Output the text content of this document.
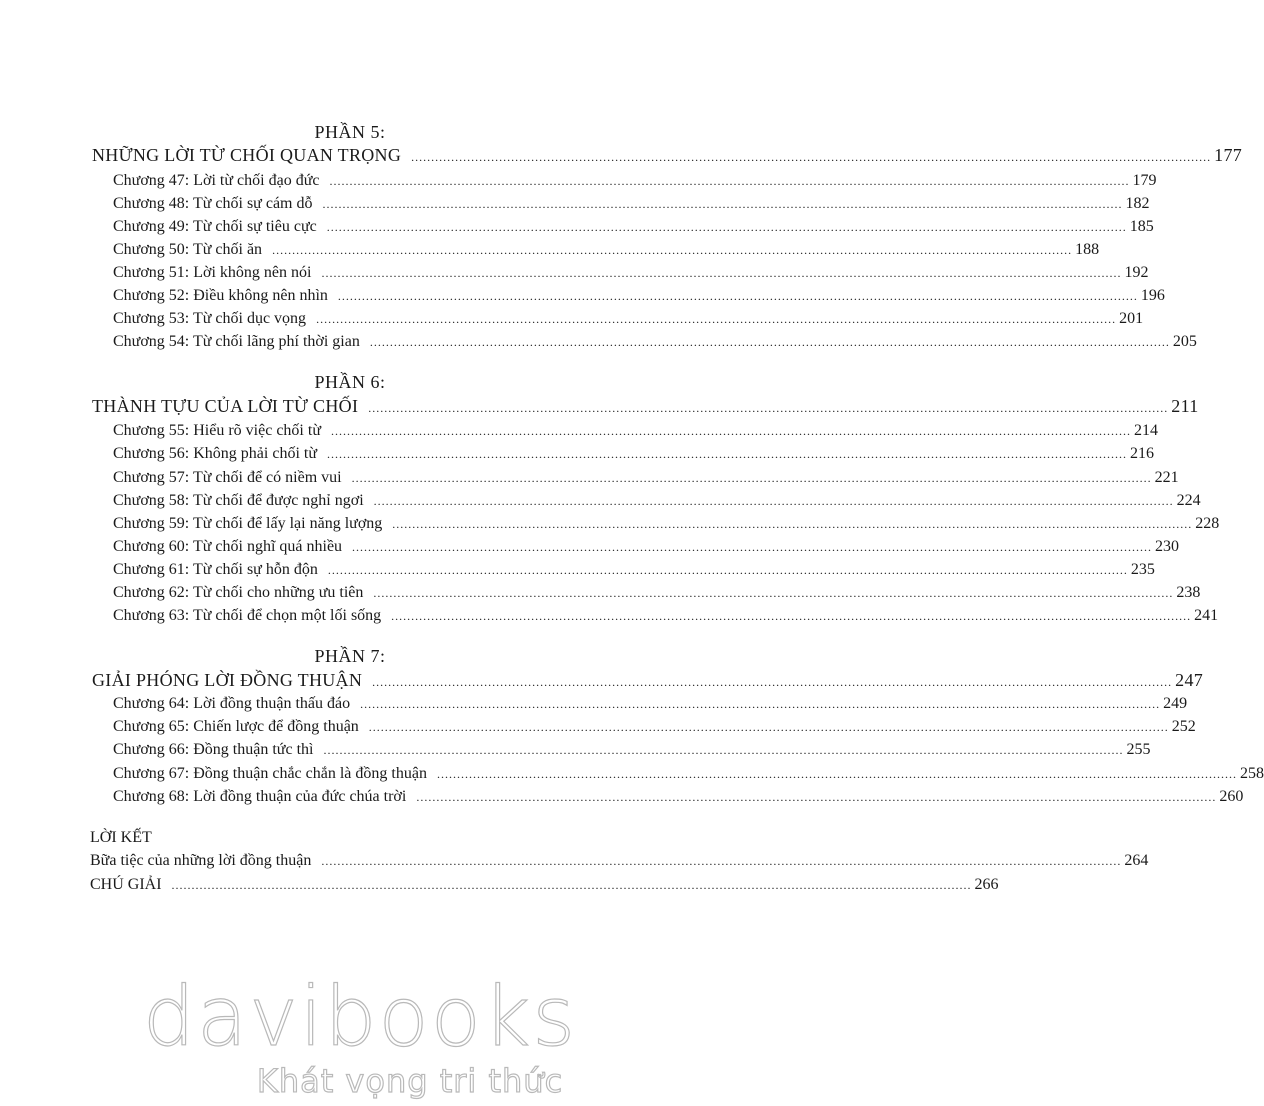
PHẦN 5:
NHỮNG LỜI TỪ CHỐI QUAN TRỌNG ........................................................................................................................................................................................................ 177
Chương 47: Lời từ chối đạo đức ........................................................................................................................................................................................................ 179
Chương 48: Từ chối sự cám dỗ ........................................................................................................................................................................................................ 182
Chương 49: Từ chối sự tiêu cực ........................................................................................................................................................................................................ 185
Chương 50: Từ chối ăn ........................................................................................................................................................................................................ 188
Chương 51: Lời không nên nói ........................................................................................................................................................................................................ 192
Chương 52: Điều không nên nhìn ........................................................................................................................................................................................................ 196
Chương 53: Từ chối dục vọng ........................................................................................................................................................................................................ 201
Chương 54: Từ chối lãng phí thời gian ........................................................................................................................................................................................................ 205
PHẦN 6:
THÀNH TỰU CỦA LỜI TỪ CHỐI ........................................................................................................................................................................................................ 211
Chương 55: Hiểu rõ việc chối từ ........................................................................................................................................................................................................ 214
Chương 56: Không phải chối từ ........................................................................................................................................................................................................ 216
Chương 57: Từ chối để có niềm vui ........................................................................................................................................................................................................ 221
Chương 58: Từ chối để được nghỉ ngơi ........................................................................................................................................................................................................ 224
Chương 59: Từ chối để lấy lại năng lượng ........................................................................................................................................................................................................ 228
Chương 60: Từ chối nghĩ quá nhiều ........................................................................................................................................................................................................ 230
Chương 61: Từ chối sự hỗn độn ........................................................................................................................................................................................................ 235
Chương 62: Từ chối cho những ưu tiên ........................................................................................................................................................................................................ 238
Chương 63: Từ chối để chọn một lối sống ........................................................................................................................................................................................................ 241
PHẦN 7:
GIẢI PHÓNG LỜI ĐỒNG THUẬN ........................................................................................................................................................................................................ 247
Chương 64: Lời đồng thuận thấu đáo ........................................................................................................................................................................................................ 249
Chương 65: Chiến lược để đồng thuận ........................................................................................................................................................................................................ 252
Chương 66: Đồng thuận tức thì ........................................................................................................................................................................................................ 255
Chương 67: Đồng thuận chắc chắn là đồng thuận ........................................................................................................................................................................................................ 258
Chương 68: Lời đồng thuận của đức chúa trời ........................................................................................................................................................................................................ 260
LỜI KẾT
Bữa tiệc của những lời đồng thuận ........................................................................................................................................................................................................ 264
CHÚ GIẢI ........................................................................................................................................................................................................ 266
davibooks
Khát vọng tri thức
